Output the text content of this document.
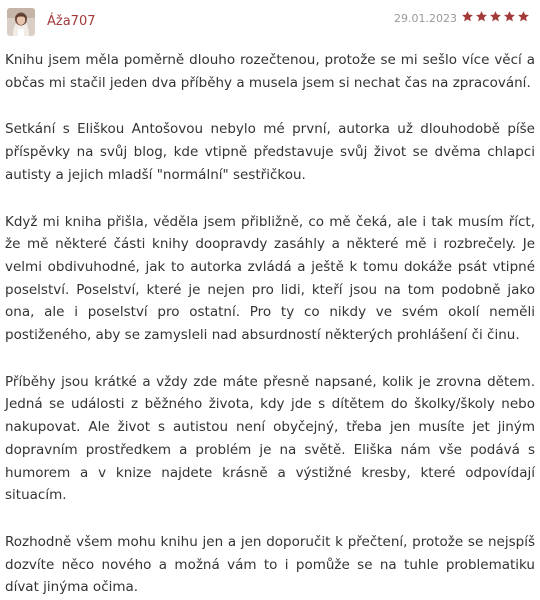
Áža707	29.01.2023

Knihu jsem měla poměrně dlouho rozečtenou, protože se mi sešlo více věcí a občas mi stačil jeden dva příběhy a musela jsem si nechat čas na zpracování.

Setkání s Eliškou Antošovou nebylo mé první, autorka už dlouhodobě píše příspěvky na svůj blog, kde vtipně představuje svůj život se dvěma chlapci autisty a jejich mladší "normální" sestřičkou.

Když mi kniha přišla, věděla jsem přibližně, co mě čeká, ale i tak musím říct, že mě některé části knihy doopravdy zasáhly a některé mě i rozbrečely. Je velmi obdivuhodné, jak to autorka zvládá a ještě k tomu dokáže psát vtipné poselství. Poselství, které je nejen pro lidi, kteří jsou na tom podobně jako ona, ale i poselství pro ostatní. Pro ty co nikdy ve svém okolí neměli postiženého, aby se zamysleli nad absurdností některých prohlášení či činu.

Příběhy jsou krátké a vždy zde máte přesně napsané, kolik je zrovna dětem. Jedná se události z běžného života, kdy jde s dítětem do školky/školy nebo nakupovat. Ale život s autistou není obyčejný, třeba jen musíte jet jiným dopravním prostředkem a problém je na světě. Eliška nám vše podává s humorem a v knize najdete krásně a výstižné kresby, které odpovídají situacím.

Rozhodně všem mohu knihu jen a jen doporučit k přečtení, protože se nejspíš dozvíte něco nového a možná vám to i pomůže se na tuhle problematiku dívat jinýma očima.
